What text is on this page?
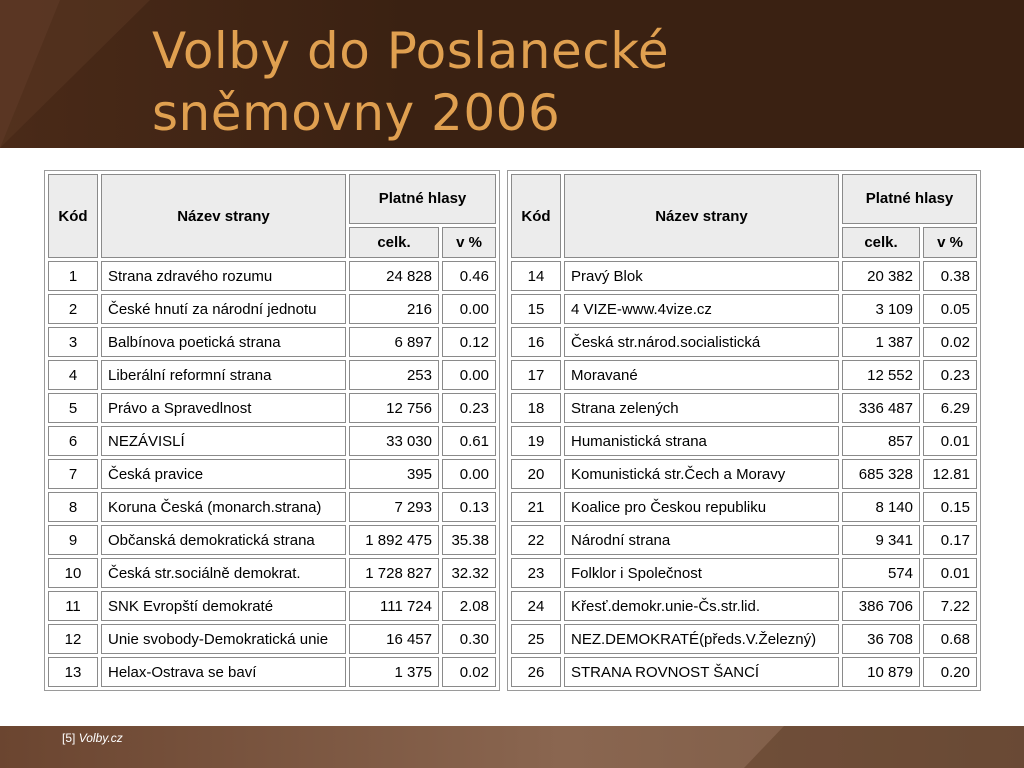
Volby do Poslanecké
sněmovny 2006
Kód	Název strany	Platné hlasy	
		celk.	v %
1	Strana zdravého rozumu	24 828	0.46
2	České hnutí za národní jednotu	216	0.00
3	Balbínova poetická strana	6 897	0.12
4	Liberální reformní strana	253	0.00
5	Právo a Spravedlnost	12 756	0.23
6	NEZÁVISLÍ	33 030	0.61
7	Česká pravice	395	0.00
8	Koruna Česká (monarch.strana)	7 293	0.13
9	Občanská demokratická strana	1 892 475	35.38
10	Česká str.sociálně demokrat.	1 728 827	32.32
11	SNK Evropští demokraté	111 724	2.08
12	Unie svobody-Demokratická unie	16 457	0.30
13	Helax-Ostrava se baví	1 375	0.02
Kód	Název strany	Platné hlasy	
		celk.	v %
14	Pravý Blok	20 382	0.38
15	4 VIZE-www.4vize.cz	3 109	0.05
16	Česká str.národ.socialistická	1 387	0.02
17	Moravané	12 552	0.23
18	Strana zelených	336 487	6.29
19	Humanistická strana	857	0.01
20	Komunistická str.Čech a Moravy	685 328	12.81
21	Koalice pro Českou republiku	8 140	0.15
22	Národní strana	9 341	0.17
23	Folklor i Společnost	574	0.01
24	Křesť.demokr.unie-Čs.str.lid.	386 706	7.22
25	NEZ.DEMOKRATÉ(předs.V.Železný)	36 708	0.68
26	STRANA ROVNOST ŠANCÍ	10 879	0.20
[5] Volby.cz
